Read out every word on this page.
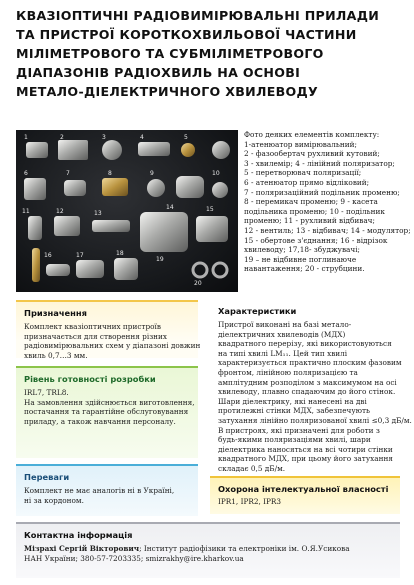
КВАЗІОПТИЧНІ РАДІОВИМІРЮВАЛЬНІ ПРИЛАДИ
ТА ПРИСТРОЇ КОРОТКОХВИЛЬОВОЇ ЧАСТИНИ
МІЛІМЕТРОВОГО ТА СУБМІЛІМЕТРОВОГО
ДІАПАЗОНІВ РАДІОХВИЛЬ НА ОСНОВІ
МЕТАЛО-ДІЕЛЕКТРИЧНОГО ХВИЛЕВОДУ
1	2	3	4	5
6	7	8	9	10
11	12	13
14	15
16	17	18
19
20
Фото деяких елементів комплекту:
1-атенюатор вимірювальний;
2 - фазообертач рухливий кутовий;
3 - хвилемір; 4 - лінійний поляризатор;
5 - перетворювач поляризації;
6 - атенюатор прямо відліковий;
7 - поляризаційний подільник променю;
8 - перемикач променю; 9 - касета
подільника променю; 10 - подільник
променю; 11 - рухливий відбивач;
12 - вентиль; 13 - відбивач; 14 - модулятор;
15 - обертове з'єднання; 16 - відрізок
хвилеводу; 17,18- збуджувачі;
19 – не відбивне поглинаюче
навантаження; 20 - струбцини.
Призначення
Комплект квазіоптичних пристроїв
призначається для створення різних
радіовимірювальних схем у діапазоні довжин
хвиль 0,7…3 мм.
Рівень готовності розробки
IRL7, TRL8.
На замовлення здійснюється виготовлення,
постачання та гарантійне обслуговування
приладу, а також навчання персоналу.
Переваги
Комплект не має аналогів ні в Україні,
ні за кордоном.
Характеристики
Пристрої виконані на базі метало-
діелектричних хвилеводів (МДХ)
квадратного перерізу, які використовуються
на типі хвилі LM₁₁. Цей тип хвилі
характеризується практично плоским фазовим
фронтом, лінійною поляризацією та
амплітудним розподілом з максимумом на осі
хвилеводу, плавно спадаючим до його стінок.
Шари діелектрику, які нанесені на дві
протилежні стінки МДХ, забезпечують
затухання лінійно поляризованої хвилі ≤0,3 дБ/м.
В пристроях, які призначені для роботи з
будь-якими поляризаціями хвилі, шари
діелектрика наносяться на всі чотири стінки
квадратного МДХ, при цьому його затухання
складає 0,5 дБ/м.
Охорона інтелектуальної власності
IPR1, IPR2, IPR3
Контактна інформація
Мізрахі Сергій Вікторович; Інститут радіофізики та електроніки ім. О.Я.Усикова
НАН України; 380-57-7203335; smizrakhy@ire.kharkov.ua
